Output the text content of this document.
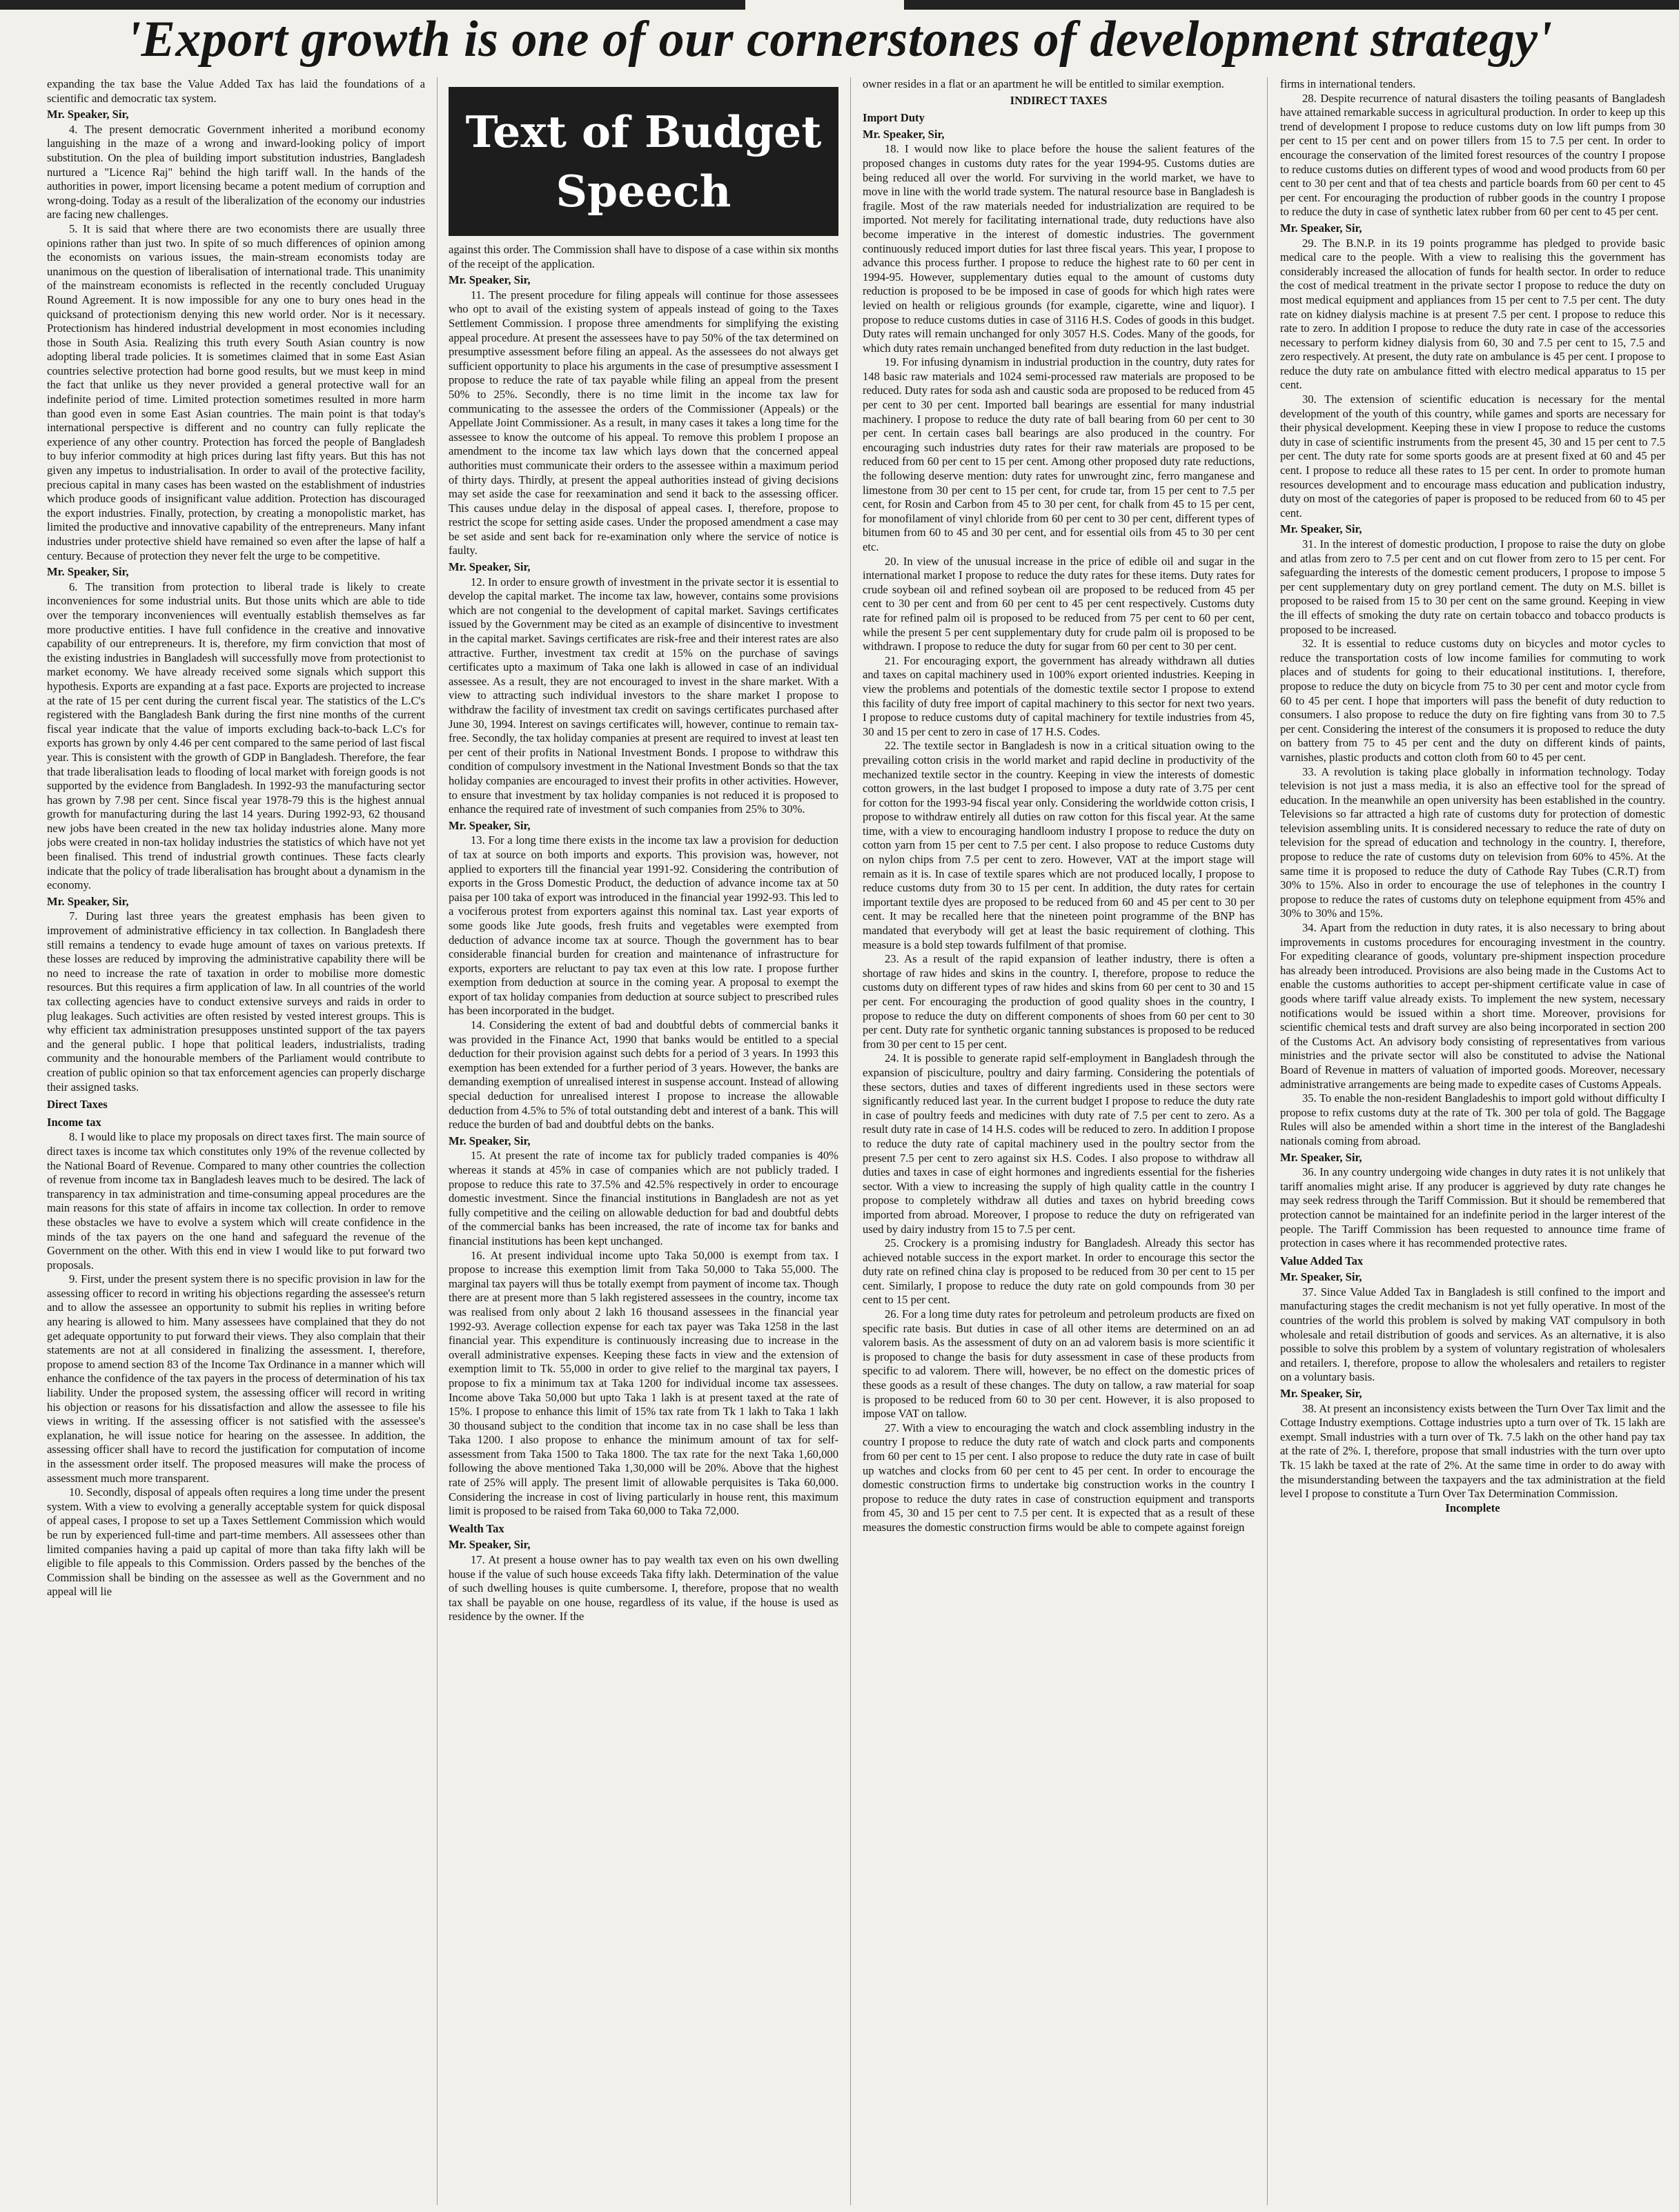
'Export growth is one of our cornerstones of development strategy'

expanding the tax base the Value Added Tax has laid the foundations of a scientific and democratic tax system.

Mr. Speaker, Sir,

4. The present democratic Government inherited a moribund economy languishing in the maze of a wrong and inward-looking policy of import substitution. On the plea of building import substitution industries, Bangladesh nurtured a "Licence Raj" behind the high tariff wall. In the hands of the authorities in power, import licensing became a potent medium of corruption and wrong-doing. Today as a result of the liberalization of the economy our industries are facing new challenges.

5. It is said that where there are two economists there are usually three opinions rather than just two. In spite of so much differences of opinion among the economists on various issues, the main-stream economists today are unanimous on the question of liberalisation of international trade. This unanimity of the mainstream economists is reflected in the recently concluded Uruguay Round Agreement. It is now impossible for any one to bury ones head in the quicksand of protectionism denying this new world order. Nor is it necessary. Protectionism has hindered industrial development in most economies including those in South Asia. Realizing this truth every South Asian country is now adopting liberal trade policies. It is sometimes claimed that in some East Asian countries selective protection had borne good results, but we must keep in mind the fact that unlike us they never provided a general protective wall for an indefinite period of time. Limited protection sometimes resulted in more harm than good even in some East Asian countries. The main point is that today's international perspective is different and no country can fully replicate the experience of any other country. Protection has forced the people of Bangladesh to buy inferior commodity at high prices during last fifty years. But this has not given any impetus to industrialisation. In order to avail of the protective facility, precious capital in many cases has been wasted on the establishment of industries which produce goods of insignificant value addition. Protection has discouraged the export industries. Finally, protection, by creating a monopolistic market, has limited the productive and innovative capability of the entrepreneurs. Many infant industries under protective shield have remained so even after the lapse of half a century. Because of protection they never felt the urge to be competitive.

Mr. Speaker, Sir,

6. The transition from protection to liberal trade is likely to create inconveniences for some industrial units. But those units which are able to tide over the temporary inconveniences will eventually establish themselves as far more productive entities. I have full confidence in the creative and innovative capability of our entrepreneurs. It is, therefore, my firm conviction that most of the existing industries in Bangladesh will successfully move from protectionist to market economy. We have already received some signals which support this hypothesis. Exports are expanding at a fast pace. Exports are projected to increase at the rate of 15 per cent during the current fiscal year. The statistics of the L.C's registered with the Bangladesh Bank during the first nine months of the current fiscal year indicate that the value of imports excluding back-to-back L.C's for exports has grown by only 4.46 per cent compared to the same period of last fiscal year. This is consistent with the growth of GDP in Bangladesh. Therefore, the fear that trade liberalisation leads to flooding of local market with foreign goods is not supported by the evidence from Bangladesh. In 1992-93 the manufacturing sector has grown by 7.98 per cent. Since fiscal year 1978-79 this is the highest annual growth for manufacturing during the last 14 years. During 1992-93, 62 thousand new jobs have been created in the new tax holiday industries alone. Many more jobs were created in non-tax holiday industries the statistics of which have not yet been finalised. This trend of industrial growth continues. These facts clearly indicate that the policy of trade liberalisation has brought about a dynamism in the economy.

Mr. Speaker, Sir,

7. During last three years the greatest emphasis has been given to improvement of administrative efficiency in tax collection. In Bangladesh there still remains a tendency to evade huge amount of taxes on various pretexts. If these losses are reduced by improving the administrative capability there will be no need to increase the rate of taxation in order to mobilise more domestic resources. But this requires a firm application of law. In all countries of the world tax collecting agencies have to conduct extensive surveys and raids in order to plug leakages. Such activities are often resisted by vested interest groups. This is why efficient tax administration presupposes unstinted support of the tax payers and the general public. I hope that political leaders, industrialists, trading community and the honourable members of the Parliament would contribute to creation of public opinion so that tax enforcement agencies can properly discharge their assigned tasks.

Direct Taxes
Income tax

8. I would like to place my proposals on direct taxes first. The main source of direct taxes is income tax which constitutes only 19% of the revenue collected by the National Board of Revenue. Compared to many other countries the collection of revenue from income tax in Bangladesh leaves much to be desired. The lack of transparency in tax administration and time-consuming appeal procedures are the main reasons for this state of affairs in income tax collection. In order to remove these obstacles we have to evolve a system which will create confidence in the minds of the tax payers on the one hand and safeguard the revenue of the Government on the other. With this end in view I would like to put forward two proposals.

9. First, under the present system there is no specific provision in law for the assessing officer to record in writing his objections regarding the assessee's return and to allow the assessee an opportunity to submit his replies in writing before any hearing is allowed to him. Many assessees have complained that they do not get adequate opportunity to put forward their views. They also complain that their statements are not at all considered in finalizing the assessment. I, therefore, propose to amend section 83 of the Income Tax Ordinance in a manner which will enhance the confidence of the tax payers in the process of determination of his tax liability. Under the proposed system, the assessing officer will record in writing his objection or reasons for his dissatisfaction and allow the assessee to file his views in writing. If the assessing officer is not satisfied with the assessee's explanation, he will issue notice for hearing on the assessee. In addition, the assessing officer shall have to record the justification for computation of income in the assessment order itself. The proposed measures will make the process of assessment much more transparent.

10. Secondly, disposal of appeals often requires a long time under the present system. With a view to evolving a generally acceptable system for quick disposal of appeal cases, I propose to set up a Taxes Settlement Commission which would be run by experienced full-time and part-time members. All assessees other than limited companies having a paid up capital of more than taka fifty lakh will be eligible to file appeals to this Commission. Orders passed by the benches of the Commission shall be binding on the assessee as well as the Government and no appeal will lie

Text of Budget
Speech

against this order. The Commission shall have to dispose of a case within six months of the receipt of the application.

Mr. Speaker, Sir,

11. The present procedure for filing appeals will continue for those assessees who opt to avail of the existing system of appeals instead of going to the Taxes Settlement Commission. I propose three amendments for simplifying the existing appeal procedure. At present the assessees have to pay 50% of the tax determined on presumptive assessment before filing an appeal. As the assessees do not always get sufficient opportunity to place his arguments in the case of presumptive assessment I propose to reduce the rate of tax payable while filing an appeal from the present 50% to 25%. Secondly, there is no time limit in the income tax law for communicating to the assessee the orders of the Commissioner (Appeals) or the Appellate Joint Commissioner. As a result, in many cases it takes a long time for the assessee to know the outcome of his appeal. To remove this problem I propose an amendment to the income tax law which lays down that the concerned appeal authorities must communicate their orders to the assessee within a maximum period of thirty days. Thirdly, at present the appeal authorities instead of giving decisions may set aside the case for reexamination and send it back to the assessing officer. This causes undue delay in the disposal of appeal cases. I, therefore, propose to restrict the scope for setting aside cases. Under the proposed amendment a case may be set aside and sent back for re-examination only where the service of notice is faulty.

Mr. Speaker, Sir,

12. In order to ensure growth of investment in the private sector it is essential to develop the capital market. The income tax law, however, contains some provisions which are not congenial to the development of capital market. Savings certificates issued by the Government may be cited as an example of disincentive to investment in the capital market. Savings certificates are risk-free and their interest rates are also attractive. Further, investment tax credit at 15% on the purchase of savings certificates upto a maximum of Taka one lakh is allowed in case of an individual assessee. As a result, they are not encouraged to invest in the share market. With a view to attracting such individual investors to the share market I propose to withdraw the facility of investment tax credit on savings certificates purchased after June 30, 1994. Interest on savings certificates will, however, continue to remain tax-free. Secondly, the tax holiday companies at present are required to invest at least ten per cent of their profits in National Investment Bonds. I propose to withdraw this condition of compulsory investment in the National Investment Bonds so that the tax holiday companies are encouraged to invest their profits in other activities. However, to ensure that investment by tax holiday companies is not reduced it is proposed to enhance the required rate of investment of such companies from 25% to 30%.

Mr. Speaker, Sir,

13. For a long time there exists in the income tax law a provision for deduction of tax at source on both imports and exports. This provision was, however, not applied to exporters till the financial year 1991-92. Considering the contribution of exports in the Gross Domestic Product, the deduction of advance income tax at 50 paisa per 100 taka of export was introduced in the financial year 1992-93. This led to a vociferous protest from exporters against this nominal tax. Last year exports of some goods like Jute goods, fresh fruits and vegetables were exempted from deduction of advance income tax at source. Though the government has to bear considerable financial burden for creation and maintenance of infrastructure for exports, exporters are reluctant to pay tax even at this low rate. I propose further exemption from deduction at source in the coming year. A proposal to exempt the export of tax holiday companies from deduction at source subject to prescribed rules has been incorporated in the budget.

14. Considering the extent of bad and doubtful debts of commercial banks it was provided in the Finance Act, 1990 that banks would be entitled to a special deduction for their provision against such debts for a period of 3 years. In 1993 this exemption has been extended for a further period of 3 years. However, the banks are demanding exemption of unrealised interest in suspense account. Instead of allowing special deduction for unrealised interest I propose to increase the allowable deduction from 4.5% to 5% of total outstanding debt and interest of a bank. This will reduce the burden of bad and doubtful debts on the banks.

Mr. Speaker, Sir,

15. At present the rate of income tax for publicly traded companies is 40% whereas it stands at 45% in case of companies which are not publicly traded. I propose to reduce this rate to 37.5% and 42.5% respectively in order to encourage domestic investment. Since the financial institutions in Bangladesh are not as yet fully competitive and the ceiling on allowable deduction for bad and doubtful debts of the commercial banks has been increased, the rate of income tax for banks and financial institutions has been kept unchanged.

16. At present individual income upto Taka 50,000 is exempt from tax. I propose to increase this exemption limit from Taka 50,000 to Taka 55,000. The marginal tax payers will thus be totally exempt from payment of income tax. Though there are at present more than 5 lakh registered assessees in the country, income tax was realised from only about 2 lakh 16 thousand assessees in the financial year 1992-93. Average collection expense for each tax payer was Taka 1258 in the last financial year. This expenditure is continuously increasing due to increase in the overall administrative expenses. Keeping these facts in view and the extension of exemption limit to Tk. 55,000 in order to give relief to the marginal tax payers, I propose to fix a minimum tax at Taka 1200 for individual income tax assessees. Income above Taka 50,000 but upto Taka 1 lakh is at present taxed at the rate of 15%. I propose to enhance this limit of 15% tax rate from Tk 1 lakh to Taka 1 lakh 30 thousand subject to the condition that income tax in no case shall be less than Taka 1200. I also propose to enhance the minimum amount of tax for self-assessment from Taka 1500 to Taka 1800. The tax rate for the next Taka 1,60,000 following the above mentioned Taka 1,30,000 will be 20%. Above that the highest rate of 25% will apply. The present limit of allowable perquisites is Taka 60,000. Considering the increase in cost of living particularly in house rent, this maximum limit is proposed to be raised from Taka 60,000 to Taka 72,000.

Wealth Tax
Mr. Speaker, Sir,

17. At present a house owner has to pay wealth tax even on his own dwelling house if the value of such house exceeds Taka fifty lakh. Determination of the value of such dwelling houses is quite cumbersome. I, therefore, propose that no wealth tax shall be payable on one house, regardless of its value, if the house is used as residence by the owner. If the

owner resides in a flat or an apartment he will be entitled to similar exemption.

INDIRECT TAXES
Import Duty
Mr. Speaker, Sir,

18. I would now like to place before the house the salient features of the proposed changes in customs duty rates for the year 1994-95. Customs duties are being reduced all over the world. For surviving in the world market, we have to move in line with the world trade system. The natural resource base in Bangladesh is fragile. Most of the raw materials needed for industrialization are required to be imported. Not merely for facilitating international trade, duty reductions have also become imperative in the interest of domestic industries. The government continuously reduced import duties for last three fiscal years. This year, I propose to advance this process further. I propose to reduce the highest rate to 60 per cent in 1994-95. However, supplementary duties equal to the amount of customs duty reduction is proposed to be be imposed in case of goods for which high rates were levied on health or religious grounds (for example, cigarette, wine and liquor). I propose to reduce customs duties in case of 3116 H.S. Codes of goods in this budget. Duty rates will remain unchanged for only 3057 H.S. Codes. Many of the goods, for which duty rates remain unchanged benefited from duty reduction in the last budget.

19. For infusing dynamism in industrial production in the country, duty rates for 148 basic raw materials and 1024 semi-processed raw materials are proposed to be reduced. Duty rates for soda ash and caustic soda are proposed to be reduced from 45 per cent to 30 per cent. Imported ball bearings are essential for many industrial machinery. I propose to reduce the duty rate of ball bearing from 60 per cent to 30 per cent. In certain cases ball bearings are also produced in the country. For encouraging such industries duty rates for their raw materials are proposed to be reduced from 60 per cent to 15 per cent. Among other proposed duty rate reductions, the following deserve mention: duty rates for unwrought zinc, ferro manganese and limestone from 30 per cent to 15 per cent, for crude tar, from 15 per cent to 7.5 per cent, for Rosin and Carbon from 45 to 30 per cent, for chalk from 45 to 15 per cent, for monofilament of vinyl chloride from 60 per cent to 30 per cent, different types of bitumen from 60 to 45 and 30 per cent, and for essential oils from 45 to 30 per cent etc.

20. In view of the unusual increase in the price of edible oil and sugar in the international market I propose to reduce the duty rates for these items. Duty rates for crude soybean oil and refined soybean oil are proposed to be reduced from 45 per cent to 30 per cent and from 60 per cent to 45 per cent respectively. Customs duty rate for refined palm oil is proposed to be reduced from 75 per cent to 60 per cent, while the present 5 per cent supplementary duty for crude palm oil is proposed to be withdrawn. I propose to reduce the duty for sugar from 60 per cent to 30 per cent.

21. For encouraging export, the government has already withdrawn all duties and taxes on capital machinery used in 100% export oriented industries. Keeping in view the problems and potentials of the domestic textile sector I propose to extend this facility of duty free import of capital machinery to this sector for next two years. I propose to reduce customs duty of capital machinery for textile industries from 45, 30 and 15 per cent to zero in case of 17 H.S. Codes.

22. The textile sector in Bangladesh is now in a critical situation owing to the prevailing cotton crisis in the world market and rapid decline in productivity of the mechanized textile sector in the country. Keeping in view the interests of domestic cotton growers, in the last budget I proposed to impose a duty rate of 3.75 per cent for cotton for the 1993-94 fiscal year only. Considering the worldwide cotton crisis, I propose to withdraw entirely all duties on raw cotton for this fiscal year. At the same time, with a view to encouraging handloom industry I propose to reduce the duty on cotton yarn from 15 per cent to 7.5 per cent. I also propose to reduce Customs duty on nylon chips from 7.5 per cent to zero. However, VAT at the import stage will remain as it is. In case of textile spares which are not produced locally, I propose to reduce customs duty from 30 to 15 per cent. In addition, the duty rates for certain important textile dyes are proposed to be reduced from 60 and 45 per cent to 30 per cent. It may be recalled here that the nineteen point programme of the BNP has mandated that everybody will get at least the basic requirement of clothing. This measure is a bold step towards fulfilment of that promise.

23. As a result of the rapid expansion of leather industry, there is often a shortage of raw hides and skins in the country. I, therefore, propose to reduce the customs duty on different types of raw hides and skins from 60 per cent to 30 and 15 per cent. For encouraging the production of good quality shoes in the country, I propose to reduce the duty on different components of shoes from 60 per cent to 30 per cent. Duty rate for synthetic organic tanning substances is proposed to be reduced from 30 per cent to 15 per cent.

24. It is possible to generate rapid self-employment in Bangladesh through the expansion of pisciculture, poultry and dairy farming. Considering the potentials of these sectors, duties and taxes of different ingredients used in these sectors were significantly reduced last year. In the current budget I propose to reduce the duty rate in case of poultry feeds and medicines with duty rate of 7.5 per cent to zero. As a result duty rate in case of 14 H.S. codes will be reduced to zero. In addition I propose to reduce the duty rate of capital machinery used in the poultry sector from the present 7.5 per cent to zero against six H.S. Codes. I also propose to withdraw all duties and taxes in case of eight hormones and ingredients essential for the fisheries sector. With a view to increasing the supply of high quality cattle in the country I propose to completely withdraw all duties and taxes on hybrid breeding cows imported from abroad. Moreover, I propose to reduce the duty on refrigerated van used by dairy industry from 15 to 7.5 per cent.

25. Crockery is a promising industry for Bangladesh. Already this sector has achieved notable success in the export market. In order to encourage this sector the duty rate on refined china clay is proposed to be reduced from 30 per cent to 15 per cent. Similarly, I propose to reduce the duty rate on gold compounds from 30 per cent to 15 per cent.

26. For a long time duty rates for petroleum and petroleum products are fixed on specific rate basis. But duties in case of all other items are determined on an ad valorem basis. As the assessment of duty on an ad valorem basis is more scientific it is proposed to change the basis for duty assessment in case of these products from specific to ad valorem. There will, however, be no effect on the domestic prices of these goods as a result of these changes. The duty on tallow, a raw material for soap is proposed to be reduced from 60 to 30 per cent. However, it is also proposed to impose VAT on tallow.

27. With a view to encouraging the watch and clock assembling industry in the country I propose to reduce the duty rate of watch and clock parts and components from 60 per cent to 15 per cent. I also propose to reduce the duty rate in case of built up watches and clocks from 60 per cent to 45 per cent. In order to encourage the domestic construction firms to undertake big construction works in the country I propose to reduce the duty rates in case of construction equipment and transports from 45, 30 and 15 per cent to 7.5 per cent. It is expected that as a result of these measures the domestic construction firms would be able to compete against foreign

firms in international tenders.

28. Despite recurrence of natural disasters the toiling peasants of Bangladesh have attained remarkable success in agricultural production. In order to keep up this trend of development I propose to reduce customs duty on low lift pumps from 30 per cent to 15 per cent and on power tillers from 15 to 7.5 per cent. In order to encourage the conservation of the limited forest resources of the country I propose to reduce customs duties on different types of wood and wood products from 60 per cent to 30 per cent and that of tea chests and particle boards from 60 per cent to 45 per cent. For encouraging the production of rubber goods in the country I propose to reduce the duty in case of synthetic latex rubber from 60 per cent to 45 per cent.

Mr. Speaker, Sir,

29. The B.N.P. in its 19 points programme has pledged to provide basic medical care to the people. With a view to realising this the government has considerably increased the allocation of funds for health sector. In order to reduce the cost of medical treatment in the private sector I propose to reduce the duty on most medical equipment and appliances from 15 per cent to 7.5 per cent. The duty rate on kidney dialysis machine is at present 7.5 per cent. I propose to reduce this rate to zero. In addition I propose to reduce the duty rate in case of the accessories necessary to perform kidney dialysis from 60, 30 and 7.5 per cent to 15, 7.5 and zero respectively. At present, the duty rate on ambulance is 45 per cent. I propose to reduce the duty rate on ambulance fitted with electro medical apparatus to 15 per cent.

30. The extension of scientific education is necessary for the mental development of the youth of this country, while games and sports are necessary for their physical development. Keeping these in view I propose to reduce the customs duty in case of scientific instruments from the present 45, 30 and 15 per cent to 7.5 per cent. The duty rate for some sports goods are at present fixed at 60 and 45 per cent. I propose to reduce all these rates to 15 per cent. In order to promote human resources development and to encourage mass education and publication industry, duty on most of the categories of paper is proposed to be reduced from 60 to 45 per cent.

Mr. Speaker, Sir,

31. In the interest of domestic production, I propose to raise the duty on globe and atlas from zero to 7.5 per cent and on cut flower from zero to 15 per cent. For safeguarding the interests of the domestic cement producers, I propose to impose 5 per cent supplementary duty on grey portland cement. The duty on M.S. billet is proposed to be raised from 15 to 30 per cent on the same ground. Keeping in view the ill effects of smoking the duty rate on certain tobacco and tobacco products is proposed to be increased.

32. It is essential to reduce customs duty on bicycles and motor cycles to reduce the transportation costs of low income families for commuting to work places and of students for going to their educational institutions. I, therefore, propose to reduce the duty on bicycle from 75 to 30 per cent and motor cycle from 60 to 45 per cent. I hope that importers will pass the benefit of duty reduction to consumers. I also propose to reduce the duty on fire fighting vans from 30 to 7.5 per cent. Considering the interest of the consumers it is proposed to reduce the duty on battery from 75 to 45 per cent and the duty on different kinds of paints, varnishes, plastic products and cotton cloth from 60 to 45 per cent.

33. A revolution is taking place globally in information technology. Today television is not just a mass media, it is also an effective tool for the spread of education. In the meanwhile an open university has been established in the country. Televisions so far attracted a high rate of customs duty for protection of domestic television assembling units. It is considered necessary to reduce the rate of duty on television for the spread of education and technology in the country. I, therefore, propose to reduce the rate of customs duty on television from 60% to 45%. At the same time it is proposed to reduce the duty of Cathode Ray Tubes (C.R.T) from 30% to 15%. Also in order to encourage the use of telephones in the country I propose to reduce the rates of customs duty on telephone equipment from 45% and 30% to 30% and 15%.

34. Apart from the reduction in duty rates, it is also necessary to bring about improvements in customs procedures for encouraging investment in the country. For expediting clearance of goods, voluntary pre-shipment inspection procedure has already been introduced. Provisions are also being made in the Customs Act to enable the customs authorities to accept per-shipment certificate value in case of goods where tariff value already exists. To implement the new system, necessary notifications would be issued within a short time. Moreover, provisions for scientific chemical tests and draft survey are also being incorporated in section 200 of the Customs Act. An advisory body consisting of representatives from various ministries and the private sector will also be constituted to advise the National Board of Revenue in matters of valuation of imported goods. Moreover, necessary administrative arrangements are being made to expedite cases of Customs Appeals.

35. To enable the non-resident Bangladeshis to import gold without difficulty I propose to refix customs duty at the rate of Tk. 300 per tola of gold. The Baggage Rules will also be amended within a short time in the interest of the Bangladeshi nationals coming from abroad.

Mr. Speaker, Sir,

36. In any country undergoing wide changes in duty rates it is not unlikely that tariff anomalies might arise. If any producer is aggrieved by duty rate changes he may seek redress through the Tariff Commission. But it should be remembered that protection cannot be maintained for an indefinite period in the larger interest of the people. The Tariff Commission has been requested to announce time frame of protection in cases where it has recommended protective rates.

Value Added Tax
Mr. Speaker, Sir,

37. Since Value Added Tax in Bangladesh is still confined to the import and manufacturing stages the credit mechanism is not yet fully operative. In most of the countries of the world this problem is solved by making VAT compulsory in both wholesale and retail distribution of goods and services. As an alternative, it is also possible to solve this problem by a system of voluntary registration of wholesalers and retailers. I, therefore, propose to allow the wholesalers and retailers to register on a voluntary basis.

Mr. Speaker, Sir,

38. At present an inconsistency exists between the Turn Over Tax limit and the Cottage Industry exemptions. Cottage industries upto a turn over of Tk. 15 lakh are exempt. Small industries with a turn over of Tk. 7.5 lakh on the other hand pay tax at the rate of 2%. I, therefore, propose that small industries with the turn over upto Tk. 15 lakh be taxed at the rate of 2%. At the same time in order to do away with the misunderstanding between the taxpayers and the tax administration at the field level I propose to constitute a Turn Over Tax Determination Commission.

Incomplete
